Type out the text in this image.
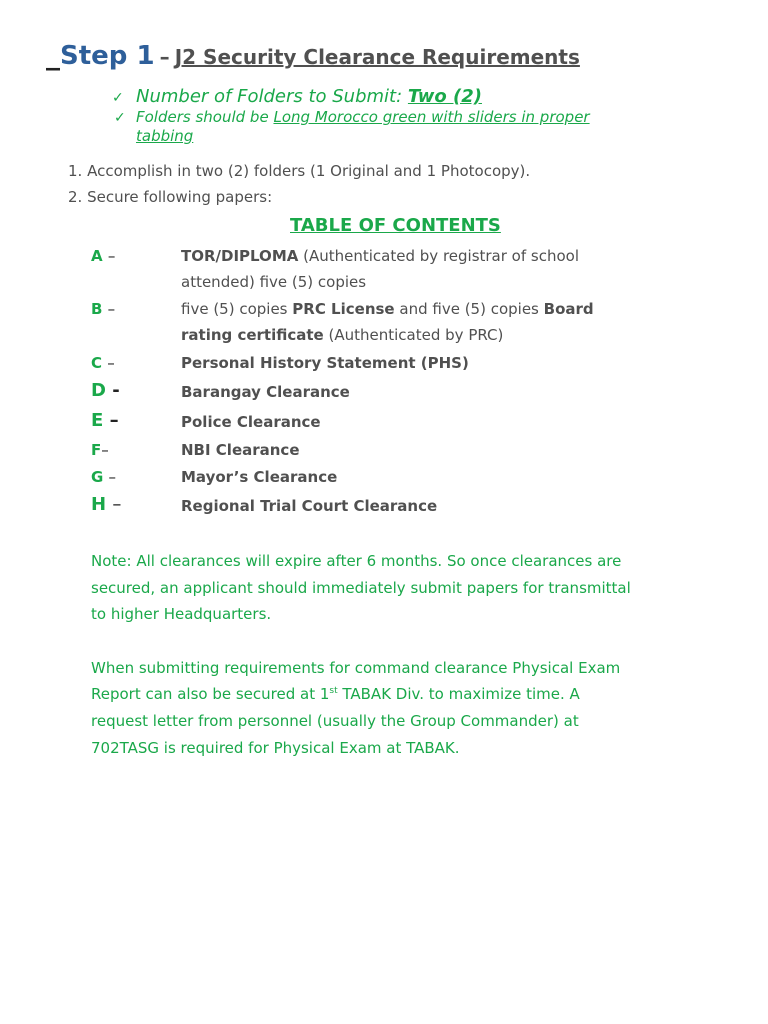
_Step 1 – J2 Security Clearance Requirements
✓ Number of Folders to Submit: Two (2)
✓ Folders should be Long Morocco green with sliders in proper
tabbing
1. Accomplish in two (2) folders (1 Original and 1 Photocopy).
2. Secure following papers:
TABLE OF CONTENTS
A –	TOR/DIPLOMA (Authenticated by registrar of school
attended) five (5) copies
B –	five (5) copies PRC License and five (5) copies Board
rating certificate (Authenticated by PRC)
C –	Personal History Statement (PHS)
D -	Barangay Clearance
E –	Police Clearance
F–	NBI Clearance
G –	Mayor’s Clearance
H –	Regional Trial Court Clearance
Note: All clearances will expire after 6 months. So once clearances are
secured, an applicant should immediately submit papers for transmittal
to higher Headquarters.
When submitting requirements for command clearance Physical Exam
Report can also be secured at 1st TABAK Div. to maximize time. A
request letter from personnel (usually the Group Commander) at
702TASG is required for Physical Exam at TABAK.
